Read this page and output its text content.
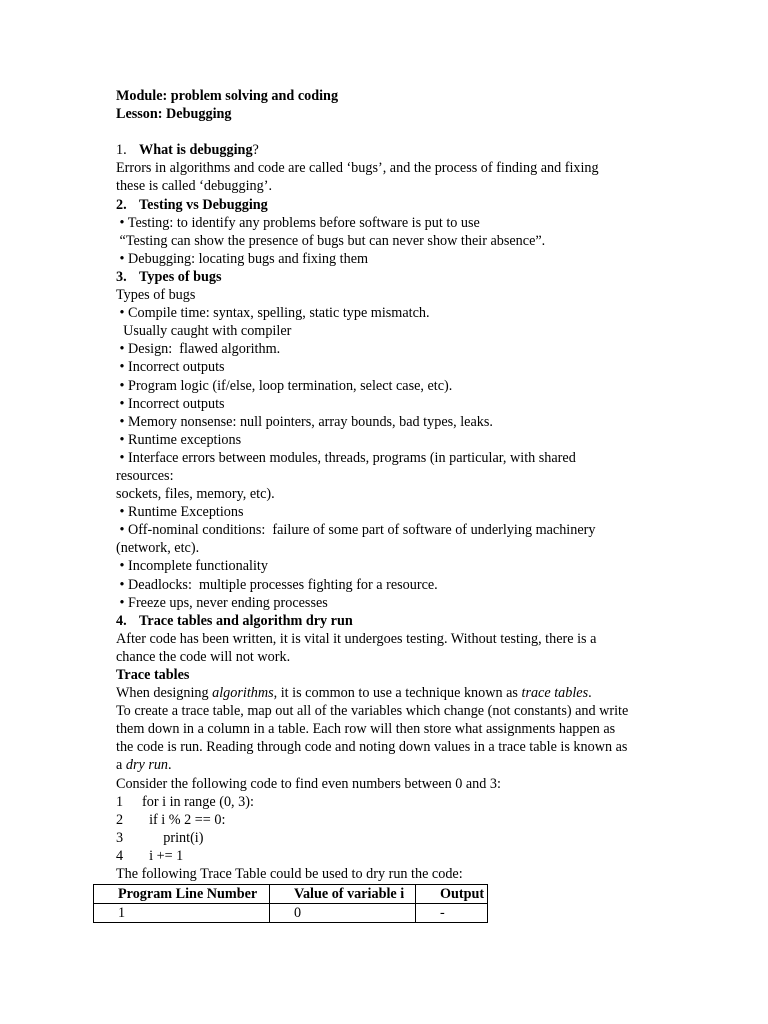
Module: problem solving and coding
Lesson: Debugging

1. What is debugging?
Errors in algorithms and code are called ‘bugs’, and the process of finding and fixing
these is called ‘debugging’.
2. Testing vs Debugging
• Testing: to identify any problems before software is put to use
“Testing can show the presence of bugs but can never show their absence”.
• Debugging: locating bugs and fixing them
3. Types of bugs
Types of bugs
• Compile time: syntax, spelling, static type mismatch.
Usually caught with compiler
• Design:  flawed algorithm.
• Incorrect outputs
• Program logic (if/else, loop termination, select case, etc).
• Incorrect outputs
• Memory nonsense: null pointers, array bounds, bad types, leaks.
• Runtime exceptions
• Interface errors between modules, threads, programs (in particular, with shared
resources:
sockets, files, memory, etc).
• Runtime Exceptions
• Off-nominal conditions:  failure of some part of software of underlying machinery
(network, etc).
• Incomplete functionality
• Deadlocks:  multiple processes fighting for a resource.
• Freeze ups, never ending processes
4. Trace tables and algorithm dry run
After code has been written, it is vital it undergoes testing. Without testing, there is a
chance the code will not work.
Trace tables
When designing algorithms, it is common to use a technique known as trace tables.
To create a trace table, map out all of the variables which change (not constants) and write
them down in a column in a table. Each row will then store what assignments happen as
the code is run. Reading through code and noting down values in a trace table is known as
a dry run.
Consider the following code to find even numbers between 0 and 3:
1 for i in range (0, 3):
2  if i % 2 == 0:
3      print(i)
4  i += 1
The following Trace Table could be used to dry run the code:
Program Line Number	Value of variable i	Output
1	0	-
